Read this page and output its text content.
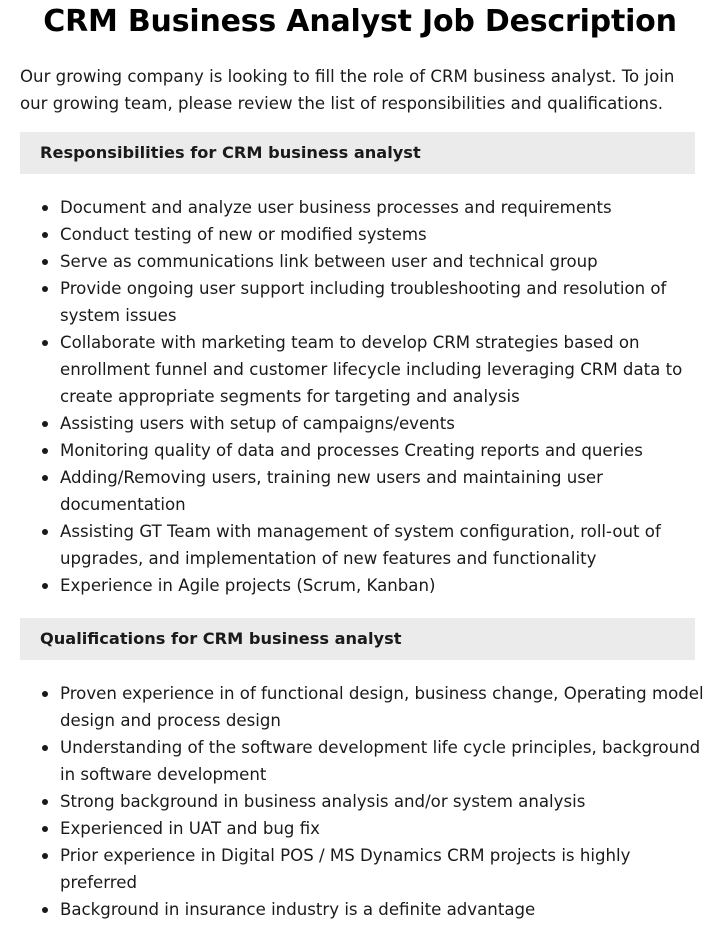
CRM Business Analyst Job Description

Our growing company is looking to fill the role of CRM business analyst. To join our growing team, please review the list of responsibilities and qualifications.

Responsibilities for CRM business analyst
Document and analyze user business processes and requirements
Conduct testing of new or modified systems
Serve as communications link between user and technical group
Provide ongoing user support including troubleshooting and resolution of system issues
Collaborate with marketing team to develop CRM strategies based on enrollment funnel and customer lifecycle including leveraging CRM data to create appropriate segments for targeting and analysis
Assisting users with setup of campaigns/events
Monitoring quality of data and processes Creating reports and queries
Adding/Removing users, training new users and maintaining user documentation
Assisting GT Team with management of system configuration, roll-out of upgrades, and implementation of new features and functionality
Experience in Agile projects (Scrum, Kanban)
Qualifications for CRM business analyst
Proven experience in of functional design, business change, Operating model design and process design
Understanding of the software development life cycle principles, background in software development
Strong background in business analysis and/or system analysis
Experienced in UAT and bug fix
Prior experience in Digital POS / MS Dynamics CRM projects is highly preferred
Background in insurance industry is a definite advantage
